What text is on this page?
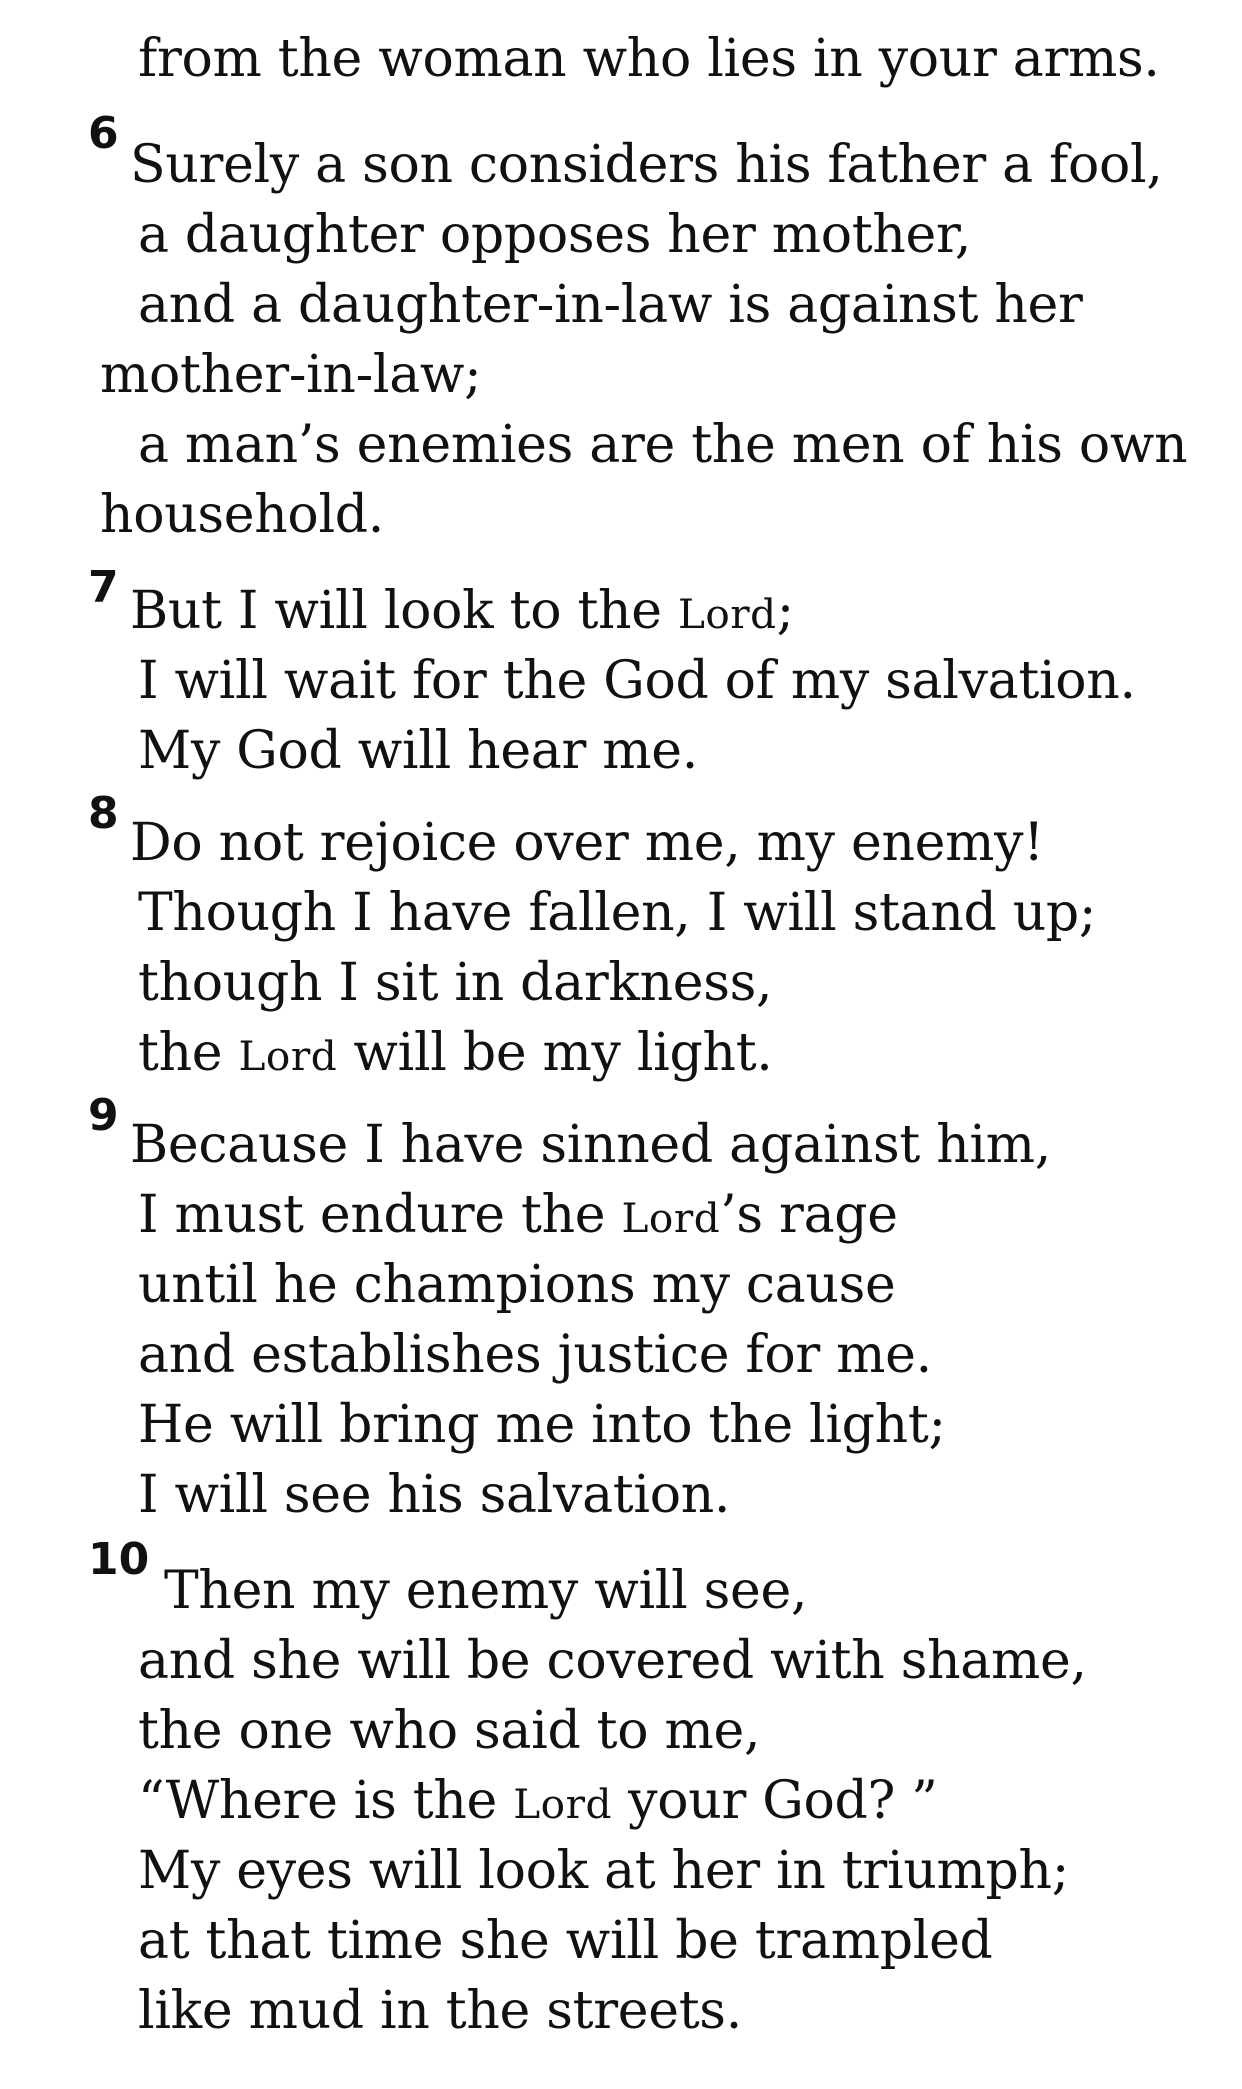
from the woman who lies in your arms.
6
Surely a son considers his father a fool,
a daughter opposes her mother,
and a daughter-in-law is against her
mother-in-law;
a man’s enemies are the men of his own
household.
7 But I will look to the Lord;
I will wait for the God of my salvation.
My God will hear me.
8 Do not rejoice over me, my enemy!
Though I have fallen, I will stand up;
though I sit in darkness,
the Lord will be my light.
9 Because I have sinned against him,
I must endure the Lord’s rage
until he champions my cause
and establishes justice for me.
He will bring me into the light;
I will see his salvation.
10
Then my enemy will see,
and she will be covered with shame,
the one who said to me,
“Where is the Lord your God? ”
My eyes will look at her in triumph;
at that time she will be trampled
like mud in the streets.
